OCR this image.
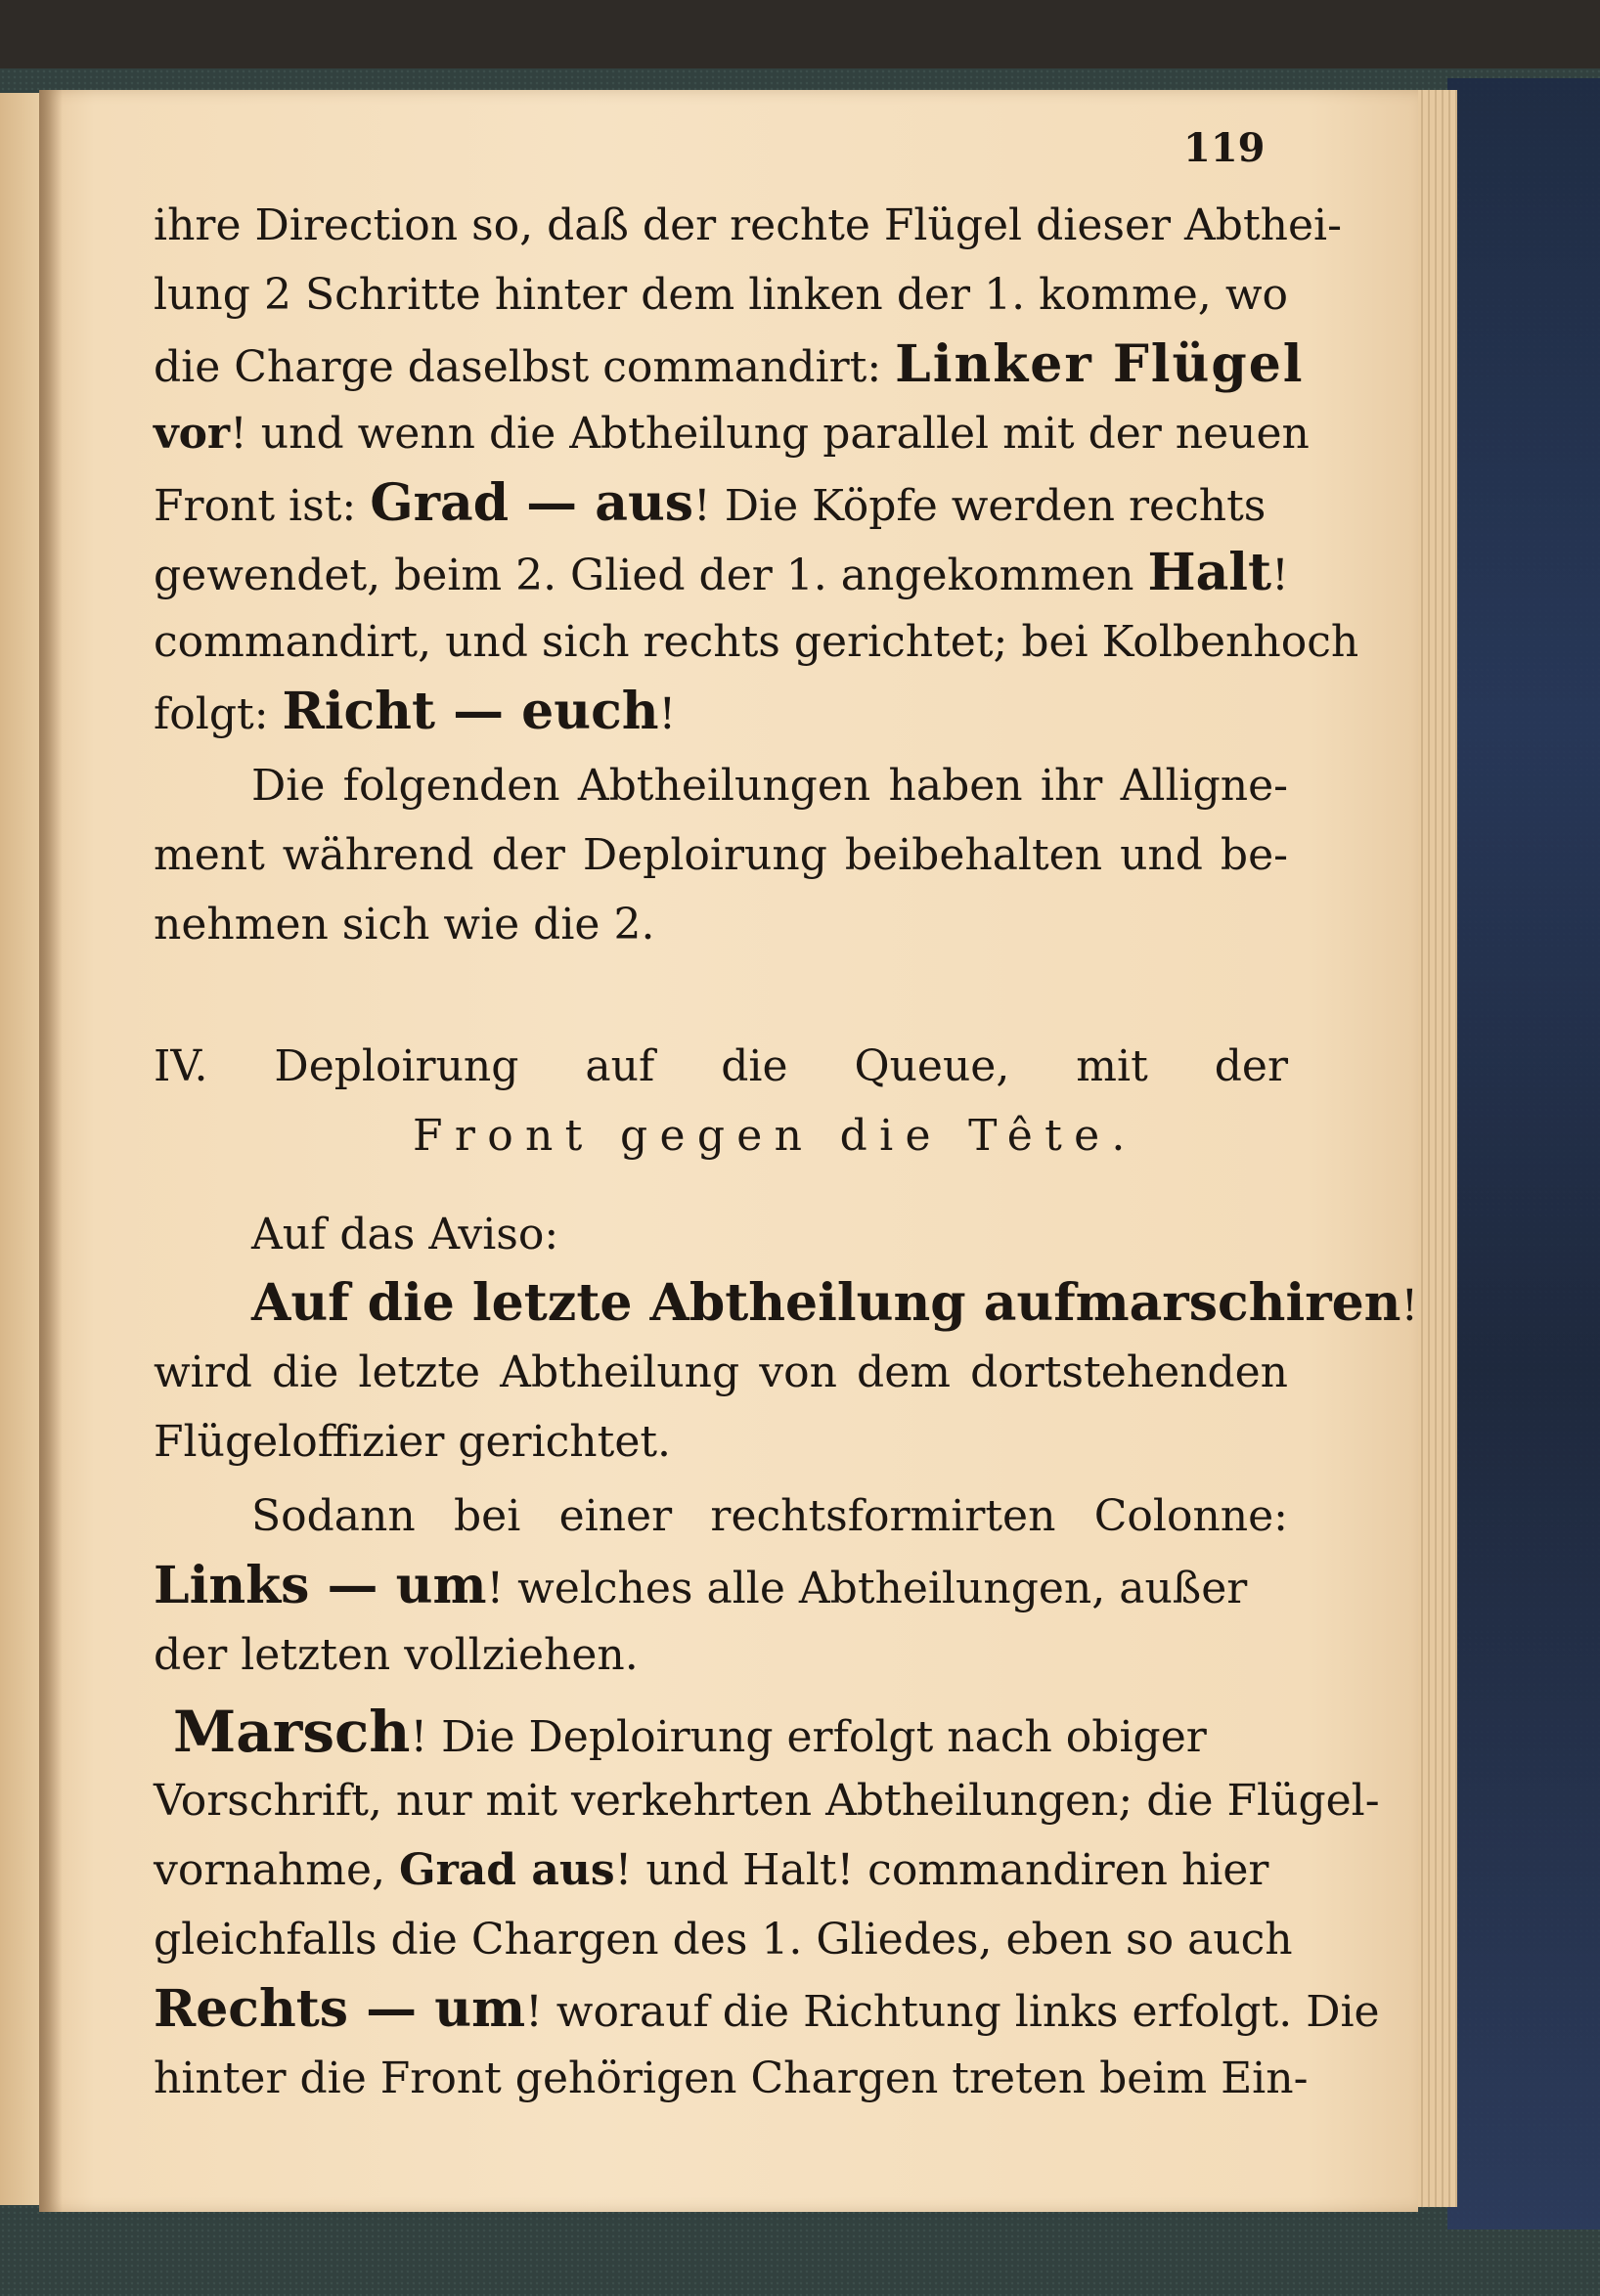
119
ihre Direction so, daß der rechte Flügel dieser Abthei-
lung 2 Schritte hinter dem linken der 1. komme, wo
die Charge daselbst commandirt: Linker Flügel
vor! und wenn die Abtheilung parallel mit der neuen
Front ist: Grad — aus! Die Köpfe werden rechts
gewendet, beim 2. Glied der 1. angekommen Halt!
commandirt, und sich rechts gerichtet; bei Kolbenhoch
folgt: Richt — euch!
Die folgenden Abtheilungen haben ihr Alligne-
ment während der Deploirung beibehalten und be-
nehmen sich wie die 2.
IV. Deploirung auf die Queue, mit der
Front gegen die Tête.
Auf das Aviso:
Auf die letzte Abtheilung aufmarschiren!
wird die letzte Abtheilung von dem dortstehenden
Flügeloffizier gerichtet.
Sodann bei einer rechtsformirten Colonne:
Links — um! welches alle Abtheilungen, außer
der letzten vollziehen.
Marsch! Die Deploirung erfolgt nach obiger
Vorschrift, nur mit verkehrten Abtheilungen; die Flügel-
vornahme, Grad aus! und Halt! commandiren hier
gleichfalls die Chargen des 1. Gliedes, eben so auch
Rechts — um! worauf die Richtung links erfolgt. Die
hinter die Front gehörigen Chargen treten beim Ein-
